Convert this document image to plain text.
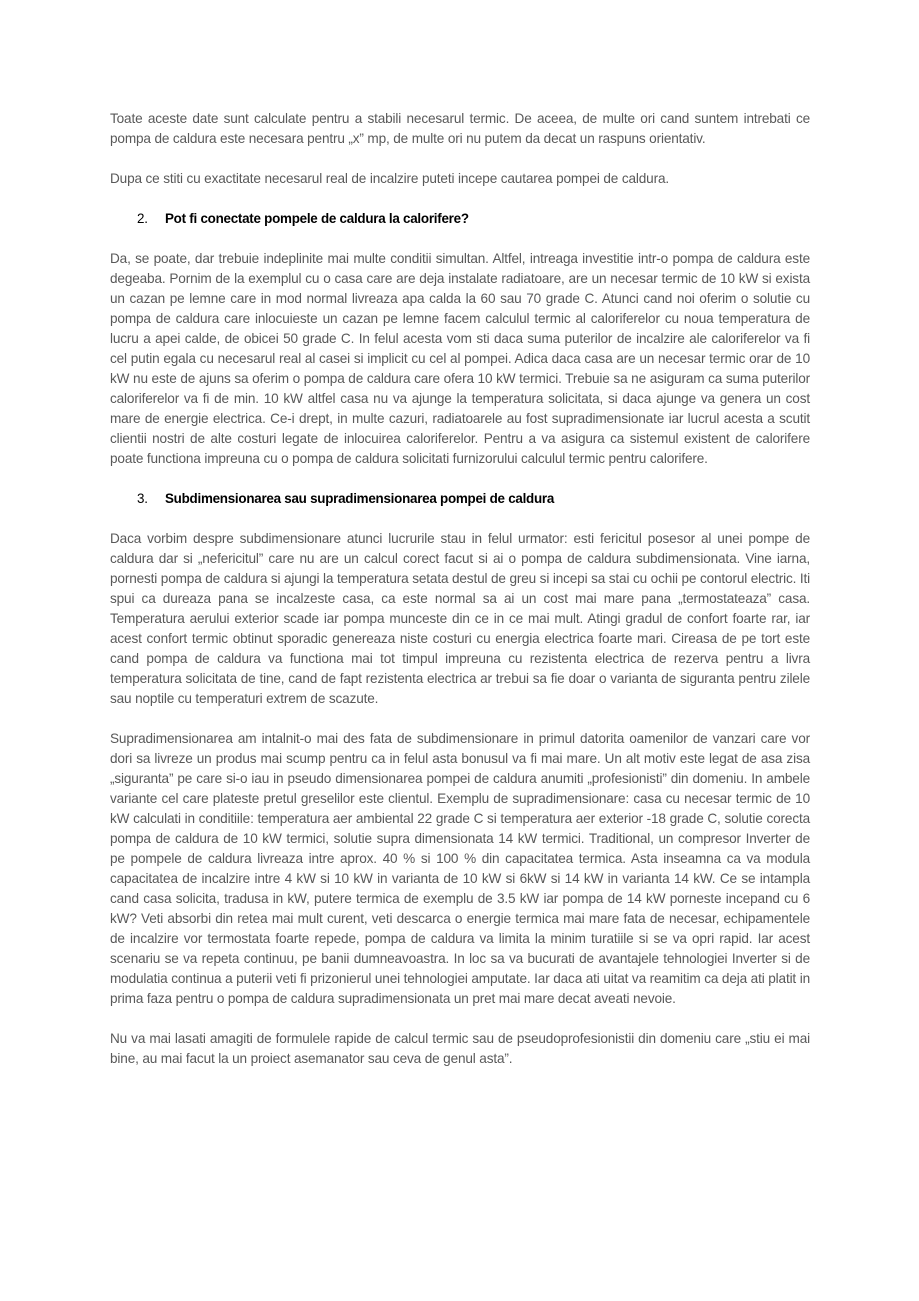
Toate aceste date sunt calculate pentru a stabili necesarul termic. De aceea, de multe ori cand suntem intrebati ce pompa de caldura este necesara pentru „x” mp, de multe ori nu putem da decat un raspuns orientativ.

Dupa ce stiti cu exactitate necesarul real de incalzire puteti incepe cautarea pompei de caldura.

2.	Pot fi conectate pompele de caldura la calorifere?

Da, se poate, dar trebuie indeplinite mai multe conditii simultan. Altfel, intreaga investitie intr-o pompa de caldura este degeaba. Pornim de la exemplul cu o casa care are deja instalate radiatoare, are un necesar termic de 10 kW si exista un cazan pe lemne care in mod normal livreaza apa calda la 60 sau 70 grade C. Atunci cand noi oferim o solutie cu pompa de caldura care inlocuieste un cazan pe lemne facem calculul termic al caloriferelor cu noua temperatura de lucru a apei calde, de obicei 50 grade C. In felul acesta vom sti daca suma puterilor de incalzire ale caloriferelor va fi cel putin egala cu necesarul real al casei si implicit cu cel al pompei. Adica daca casa are un necesar termic orar de 10 kW nu este de ajuns sa oferim o pompa de caldura care ofera 10 kW termici. Trebuie sa ne asiguram ca suma puterilor caloriferelor va fi de min. 10 kW altfel casa nu va ajunge la temperatura solicitata, si daca ajunge va genera un cost mare de energie electrica. Ce-i drept, in multe cazuri, radiatoarele au fost supradimensionate iar lucrul acesta a scutit clientii nostri de alte costuri legate de inlocuirea caloriferelor. Pentru a va asigura ca sistemul existent de calorifere poate functiona impreuna cu o pompa de caldura solicitati furnizorului calculul termic pentru calorifere.

3.	Subdimensionarea sau supradimensionarea pompei de caldura

Daca vorbim despre subdimensionare atunci lucrurile stau in felul urmator: esti fericitul posesor al unei pompe de caldura dar si „nefericitul” care nu are un calcul corect facut si ai o pompa de caldura subdimensionata. Vine iarna, pornesti pompa de caldura si ajungi la temperatura setata destul de greu si incepi sa stai cu ochii pe contorul electric. Iti spui ca dureaza pana se incalzeste casa, ca este normal sa ai un cost mai mare pana „termostateaza” casa. Temperatura aerului exterior scade iar pompa munceste din ce in ce mai mult. Atingi gradul de confort foarte rar, iar acest confort termic obtinut sporadic genereaza niste costuri cu energia electrica foarte mari. Cireasa de pe tort este cand pompa de caldura va functiona mai tot timpul impreuna cu rezistenta electrica de rezerva pentru a livra temperatura solicitata de tine, cand de fapt rezistenta electrica ar trebui sa fie doar o varianta de siguranta pentru zilele sau noptile cu temperaturi extrem de scazute.

Supradimensionarea am intalnit-o mai des fata de subdimensionare in primul datorita oamenilor de vanzari care vor dori sa livreze un produs mai scump pentru ca in felul asta bonusul va fi mai mare. Un alt motiv este legat de asa zisa „siguranta” pe care si-o iau in pseudo dimensionarea pompei de caldura anumiti „profesionisti” din domeniu. In ambele variante cel care plateste pretul greselilor este clientul. Exemplu de supradimensionare: casa cu necesar termic de 10 kW calculati in conditiile: temperatura aer ambiental 22 grade C si temperatura aer exterior -18 grade C, solutie corecta pompa de caldura de 10 kW termici, solutie supra dimensionata 14 kW termici. Traditional, un compresor Inverter de pe pompele de caldura livreaza intre aprox. 40 % si 100 % din capacitatea termica. Asta inseamna ca va modula capacitatea de incalzire intre 4 kW si 10 kW in varianta de 10 kW si 6kW si 14 kW in varianta 14 kW. Ce se intampla cand casa solicita, tradusa in kW, putere termica de exemplu de 3.5 kW iar pompa de 14 kW porneste incepand cu 6 kW? Veti absorbi din retea mai mult curent, veti descarca o energie termica mai mare fata de necesar, echipamentele de incalzire vor termostata foarte repede, pompa de caldura va limita la minim turatiile si se va opri rapid. Iar acest scenariu se va repeta continuu, pe banii dumneavoastra. In loc sa va bucurati de avantajele tehnologiei Inverter si de modulatia continua a puterii veti fi prizonierul unei tehnologiei amputate. Iar daca ati uitat va reamitim ca deja ati platit in prima faza pentru o pompa de caldura supradimensionata un pret mai mare decat aveati nevoie.

Nu va mai lasati amagiti de formulele rapide de calcul termic sau de pseudoprofesionistii din domeniu care „stiu ei mai bine, au mai facut la un proiect asemanator sau ceva de genul asta”.
